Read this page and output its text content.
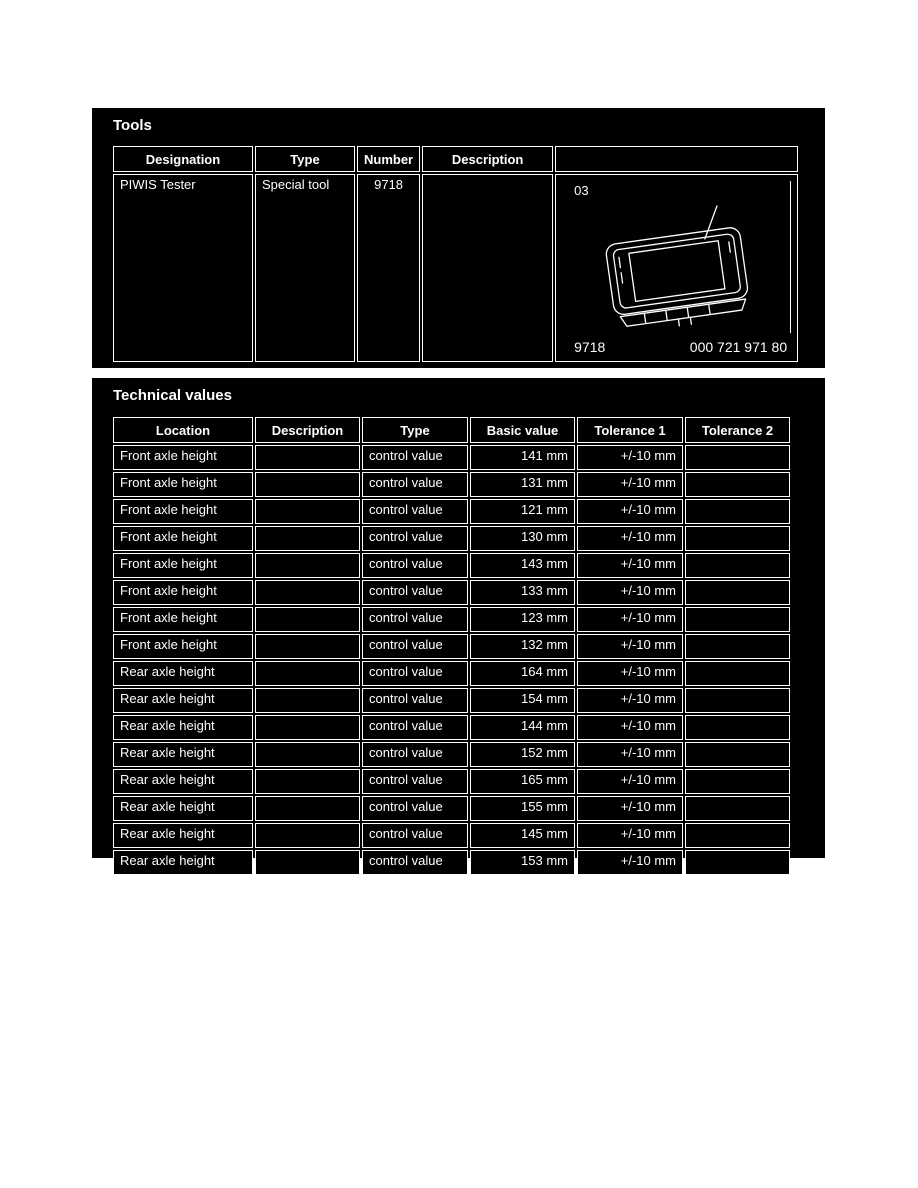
Tools
Designation	Type	Number	Description	
PIWIS Tester	Special tool	9718		03
9718 000 721 971 80
Technical values
Location	Description	Type	Basic value	Tolerance 1	Tolerance 2
Front axle height		control value	141 mm	+/-10 mm	
Front axle height		control value	131 mm	+/-10 mm	
Front axle height		control value	121 mm	+/-10 mm	
Front axle height		control value	130 mm	+/-10 mm	
Front axle height		control value	143 mm	+/-10 mm	
Front axle height		control value	133 mm	+/-10 mm	
Front axle height		control value	123 mm	+/-10 mm	
Front axle height		control value	132 mm	+/-10 mm	
Rear axle height		control value	164 mm	+/-10 mm	
Rear axle height		control value	154 mm	+/-10 mm	
Rear axle height		control value	144 mm	+/-10 mm	
Rear axle height		control value	152 mm	+/-10 mm	
Rear axle height		control value	165 mm	+/-10 mm	
Rear axle height		control value	155 mm	+/-10 mm	
Rear axle height		control value	145 mm	+/-10 mm	
Rear axle height		control value	153 mm	+/-10 mm	
